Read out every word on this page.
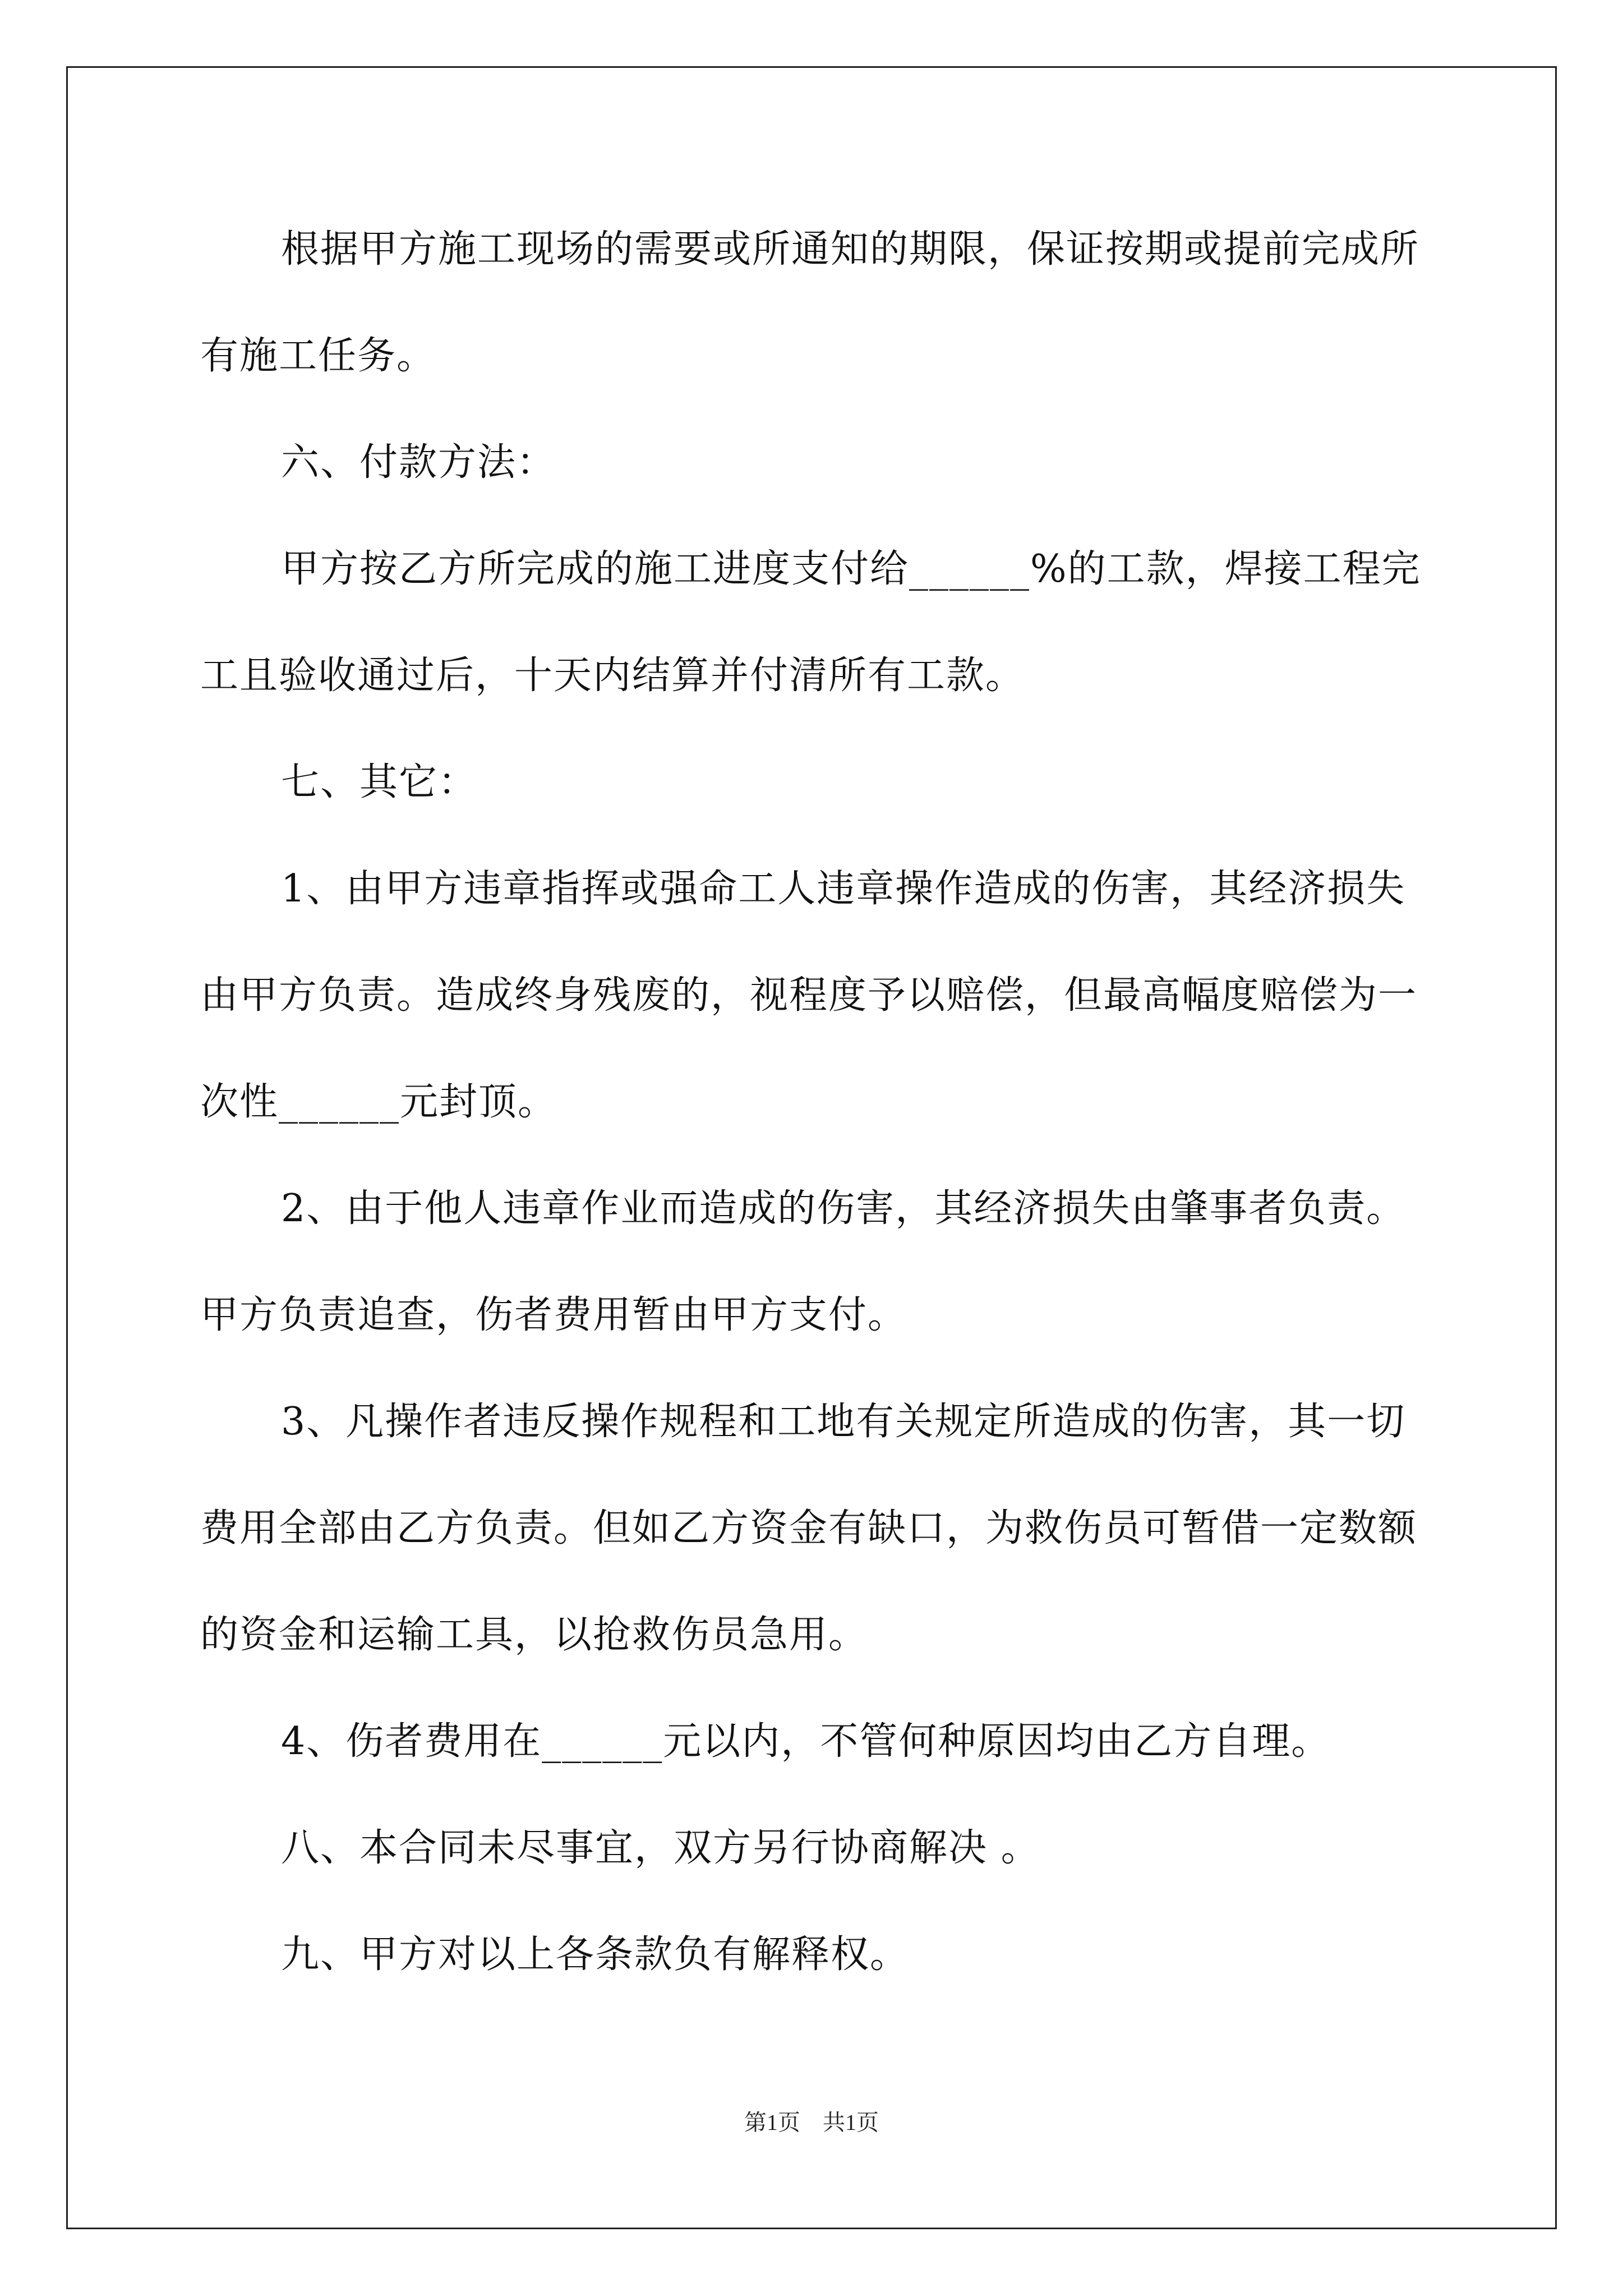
根据甲方施工现场的需要或所通知的期限，保证按期或提前完成所有施工任务。
六、付款方法：
甲方按乙方所完成的施工进度支付给______%的工款，焊接工程完工且验收通过后，十天内结算并付清所有工款。
七、其它：
1、由甲方违章指挥或强命工人违章操作造成的伤害，其经济损失由甲方负责。造成终身残废的，视程度予以赔偿，但最高幅度赔偿为一次性______元封顶。
2、由于他人违章作业而造成的伤害，其经济损失由肇事者负责。甲方负责追查，伤者费用暂由甲方支付。
3、凡操作者违反操作规程和工地有关规定所造成的伤害，其一切费用全部由乙方负责。但如乙方资金有缺口，为救伤员可暂借一定数额的资金和运输工具，以抢救伤员急用。
4、伤者费用在______元以内，不管何种原因均由乙方自理。
八、本合同未尽事宜，双方另行协商解决 。
九、甲方对以上各条款负有解释权。
第1页　共1页
